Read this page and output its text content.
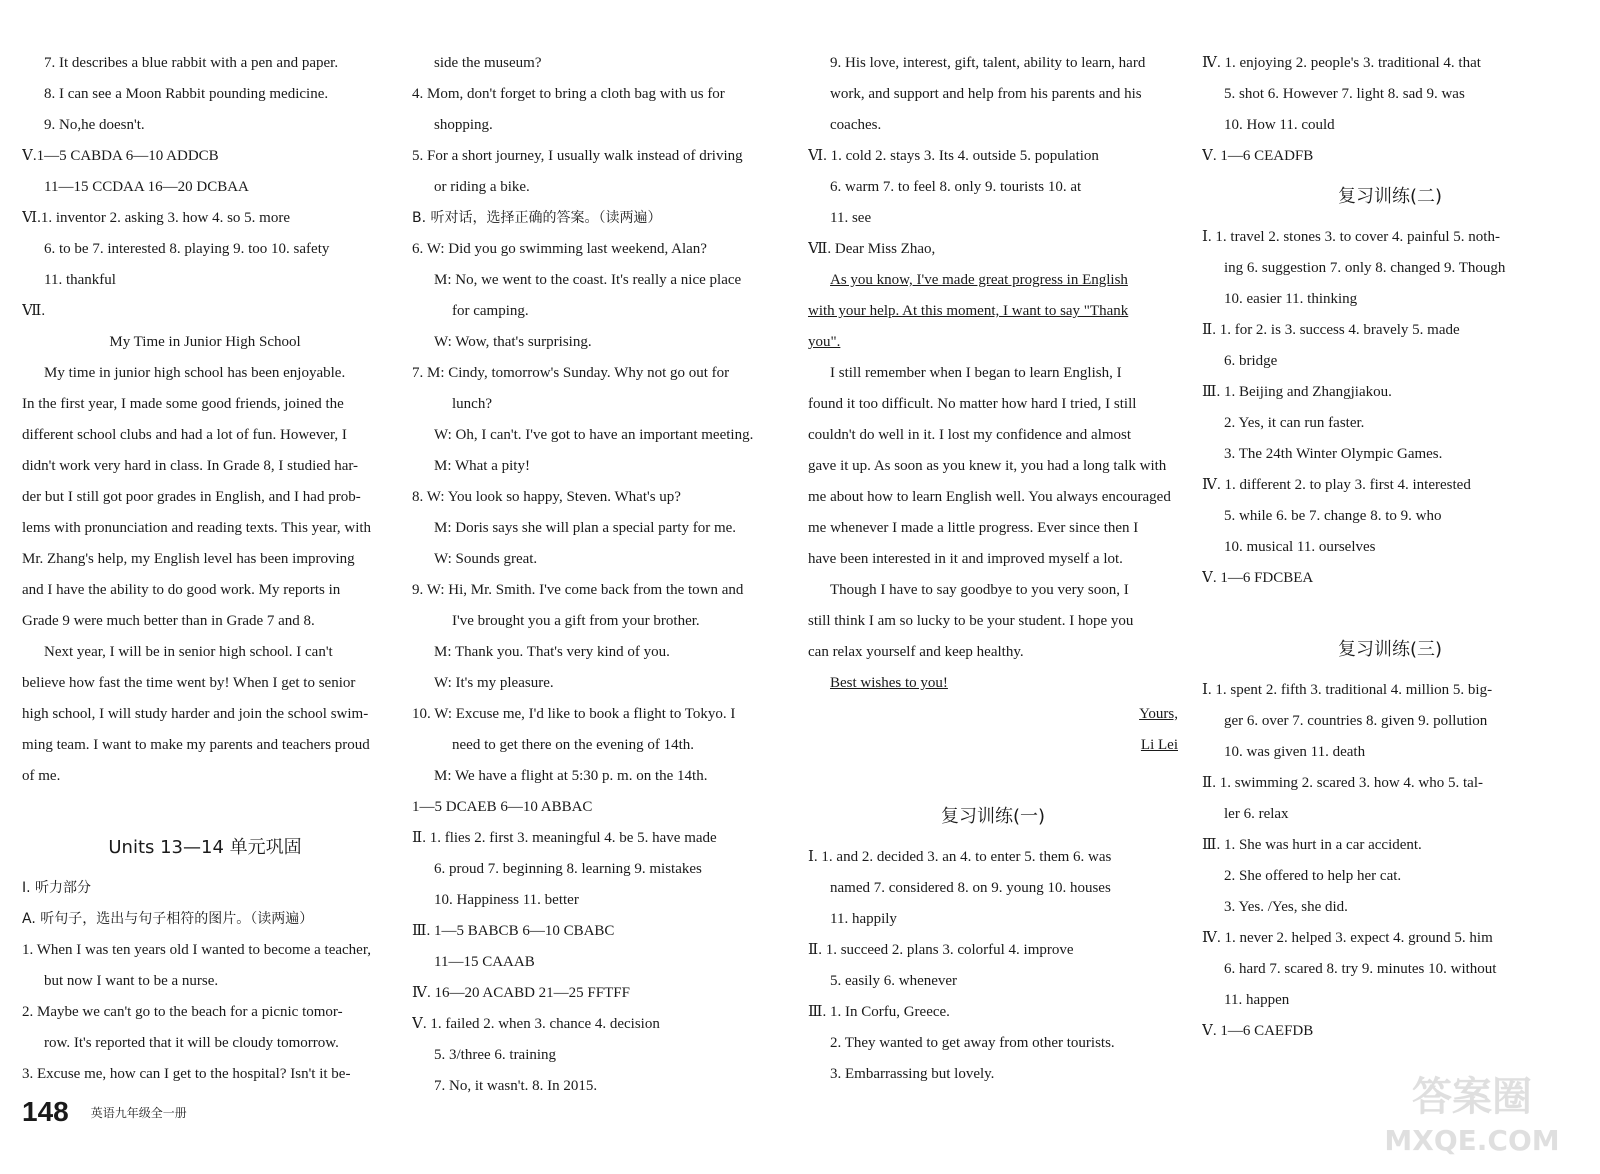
7. It describes a blue rabbit with a pen and paper.
8. I can see a Moon Rabbit pounding medicine.
9. No,he doesn't.
Ⅴ.1—5 CABDA 6—10 ADDCB
11—15 CCDAA 16—20 DCBAA
Ⅵ.1. inventor 2. asking 3. how 4. so 5. more
6. to be 7. interested 8. playing 9. too 10. safety
11. thankful
Ⅶ.
My Time in Junior High School
My time in junior high school has been enjoyable.
In the first year, I made some good friends, joined the
different school clubs and had a lot of fun. However, I
didn't work very hard in class. In Grade 8, I studied har-
der but I still got poor grades in English, and I had prob-
lems with pronunciation and reading texts. This year, with
Mr. Zhang's help, my English level has been improving
and I have the ability to do good work. My reports in
Grade 9 were much better than in Grade 7 and 8.
Next year, I will be in senior high school. I can't
believe how fast the time went by! When I get to senior
high school, I will study harder and join the school swim-
ming team. I want to make my parents and teachers proud
of me.
Units 13—14 单元巩固
Ⅰ. 听力部分
A. 听句子，选出与句子相符的图片。（读两遍）
1. When I was ten years old I wanted to become a teacher,
but now I want to be a nurse.
2. Maybe we can't go to the beach for a picnic tomor-
row. It's reported that it will be cloudy tomorrow.
3. Excuse me, how can I get to the hospital? Isn't it be-
side the museum?
4. Mom, don't forget to bring a cloth bag with us for
shopping.
5. For a short journey, I usually walk instead of driving
or riding a bike.
B. 听对话，选择正确的答案。（读两遍）
6. W: Did you go swimming last weekend, Alan?
M: No, we went to the coast. It's really a nice place
for camping.
W: Wow, that's surprising.
7. M: Cindy, tomorrow's Sunday. Why not go out for
lunch?
W: Oh, I can't. I've got to have an important meeting.
M: What a pity!
8. W: You look so happy, Steven. What's up?
M: Doris says she will plan a special party for me.
W: Sounds great.
9. W: Hi, Mr. Smith. I've come back from the town and
I've brought you a gift from your brother.
M: Thank you. That's very kind of you.
W: It's my pleasure.
10. W: Excuse me, I'd like to book a flight to Tokyo. I
need to get there on the evening of 14th.
M: We have a flight at 5:30 p. m. on the 14th.
1—5 DCAEB 6—10 ABBAC
Ⅱ. 1. flies 2. first 3. meaningful 4. be 5. have made
6. proud 7. beginning 8. learning 9. mistakes
10. Happiness 11. better
Ⅲ. 1—5 BABCB 6—10 CBABC
11—15 CAAAB
Ⅳ. 16—20 ACABD 21—25 FFTFF
Ⅴ. 1. failed 2. when 3. chance 4. decision
5. 3/three 6. training
7. No, it wasn't. 8. In 2015.
9. His love, interest, gift, talent, ability to learn, hard
work, and support and help from his parents and his
coaches.
Ⅵ. 1. cold 2. stays 3. Its 4. outside 5. population
6. warm 7. to feel 8. only 9. tourists 10. at
11. see
Ⅶ. Dear Miss Zhao,
As you know, I've made great progress in English
with your help. At this moment, I want to say "Thank
you".
I still remember when I began to learn English, I
found it too difficult. No matter how hard I tried, I still
couldn't do well in it. I lost my confidence and almost
gave it up. As soon as you knew it, you had a long talk with
me about how to learn English well. You always encouraged
me whenever I made a little progress. Ever since then I
have been interested in it and improved myself a lot.
Though I have to say goodbye to you very soon, I
still think I am so lucky to be your student. I hope you
can relax yourself and keep healthy.
Best wishes to you!
Yours,
Li Lei
复习训练(一)
Ⅰ. 1. and 2. decided 3. an 4. to enter 5. them 6. was
named 7. considered 8. on 9. young 10. houses
11. happily
Ⅱ. 1. succeed 2. plans 3. colorful 4. improve
5. easily 6. whenever
Ⅲ. 1. In Corfu, Greece.
2. They wanted to get away from other tourists.
3. Embarrassing but lovely.
Ⅳ. 1. enjoying 2. people's 3. traditional 4. that
5. shot 6. However 7. light 8. sad 9. was
10. How 11. could
Ⅴ. 1—6 CEADFB
复习训练(二)
Ⅰ. 1. travel 2. stones 3. to cover 4. painful 5. noth-
ing 6. suggestion 7. only 8. changed 9. Though
10. easier 11. thinking
Ⅱ. 1. for 2. is 3. success 4. bravely 5. made
6. bridge
Ⅲ. 1. Beijing and Zhangjiakou.
2. Yes, it can run faster.
3. The 24th Winter Olympic Games.
Ⅳ. 1. different 2. to play 3. first 4. interested
5. while 6. be 7. change 8. to 9. who
10. musical 11. ourselves
Ⅴ. 1—6 FDCBEA
复习训练(三)
Ⅰ. 1. spent 2. fifth 3. traditional 4. million 5. big-
ger 6. over 7. countries 8. given 9. pollution
10. was given 11. death
Ⅱ. 1. swimming 2. scared 3. how 4. who 5. tal-
ler 6. relax
Ⅲ. 1. She was hurt in a car accident.
2. She offered to help her cat.
3. Yes. /Yes, she did.
Ⅳ. 1. never 2. helped 3. expect 4. ground 5. him
6. hard 7. scared 8. try 9. minutes 10. without
11. happen
Ⅴ. 1—6 CAEFDB
148 英语九年级全一册	答案圈
MXQE.COM
